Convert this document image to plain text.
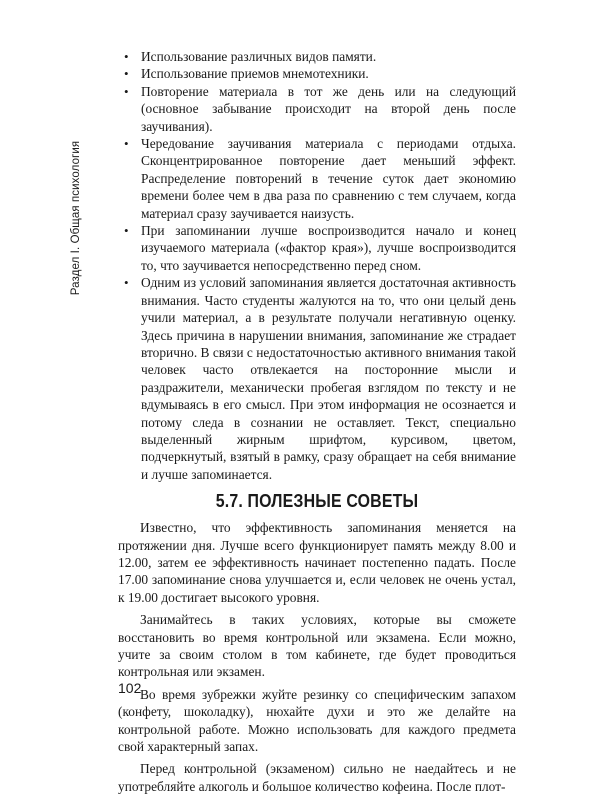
Раздел I. Общая психология
• Использование различных видов памяти.
• Использование приемов мнемотехники.
• Повторение материала в тот же день или на следующий (основное забывание происходит на второй день после заучивания).
• Чередование заучивания материала с периодами отдыха. Сконцентрированное повторение дает меньший эффект. Распределение повторений в течение суток дает экономию времени более чем в два раза по сравнению с тем случаем, когда материал сразу заучивается наизусть.
• При запоминании лучше воспроизводится начало и конец изучаемого материала («фактор края»), лучше воспроизводится то, что заучивается непосредственно перед сном.
• Одним из условий запоминания является достаточная активность внимания. Часто студенты жалуются на то, что они целый день учили материал, а в результате получали негативную оценку. Здесь причина в нарушении внимания, запоминание же страдает вторично. В связи с недостаточностью активного внимания такой человек часто отвлекается на посторонние мысли и раздражители, механически пробегая взглядом по тексту и не вдумываясь в его смысл. При этом информация не осознается и потому следа в сознании не оставляет. Текст, специально выделенный жирным шрифтом, курсивом, цветом, подчеркнутый, взятый в рамку, сразу обращает на себя внимание и лучше запоминается.
5.7. ПОЛЕЗНЫЕ СОВЕТЫ

Известно, что эффективность запоминания меняется на протяжении дня. Лучше всего функционирует память между 8.00 и 12.00, затем ее эффективность начинает постепенно падать. После 17.00 запоминание снова улучшается и, если человек не очень устал, к 19.00 достигает высокого уровня.

Занимайтесь в таких условиях, которые вы сможете восстановить во время контрольной или экзамена. Если можно, учите за своим столом в том кабинете, где будет проводиться контрольная или экзамен.

Во время зубрежки жуйте резинку со специфическим запахом (конфету, шоколадку), нюхайте духи и это же делайте на контрольной работе. Можно использовать для каждого предмета свой характерный запах.

Перед контрольной (экзаменом) сильно не наедайтесь и не употребляйте алкоголь и большое количество кофеина. После плот-

102
